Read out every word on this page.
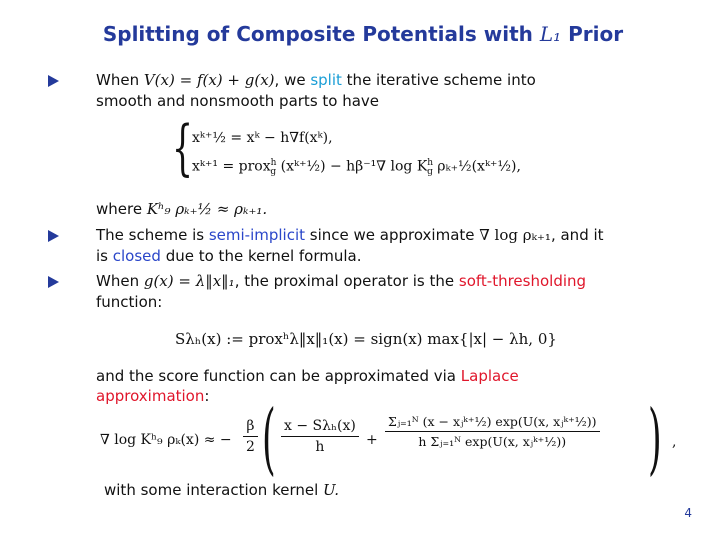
Splitting of Composite Potentials with L₁ Prior
When V(x) = f(x) + g(x), we split the iterative scheme into
smooth and nonsmooth parts to have
{
xᵏ⁺½ = xᵏ − h∇f(xᵏ),
xᵏ⁺¹ = prox$^h_g$ (xᵏ⁺½) − hβ⁻¹∇ $\log K^h_g$ ρₖ₊½(xᵏ⁺½),
where Kʰ₉ ρₖ₊½ ≈ ρₖ₊₁.
The scheme is semi-implicit since we approximate ∇ log ρₖ₊₁, and it
is closed due to the kernel formula.
When g(x) = λ‖x‖₁, the proximal operator is the soft-thresholding
function:
Sλₕ(x) := proxʰλ‖x‖₁(x) = sign(x) max{|x| − λh, 0}
and the score function can be approximated via Laplace
approximation:
∇ log Kʰ₉ ρₖ(x) ≈ − $\frac{\beta}{2}$ ( $\frac{\text{x − Sλₕ(x)}}{h} + \frac{\text{Σⱼ₌₁ᴺ (x − xⱼᵏ⁺½) exp(U(x, xⱼᵏ⁺½))}}{\text{h Σⱼ₌₁ᴺ exp(U(x, xⱼᵏ⁺½))}}$ ) ,
with some interaction kernel U.
4
